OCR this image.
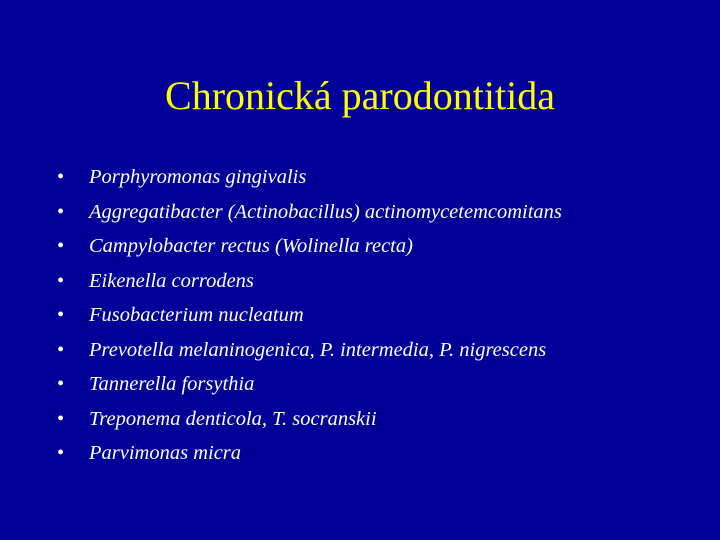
Chronická parodontitida
•	Porphyromonas gingivalis
•	Aggregatibacter (Actinobacillus) actinomycetemcomitans
•	Campylobacter rectus (Wolinella recta)
•	Eikenella corrodens
•	Fusobacterium nucleatum
•	Prevotella melaninogenica, P. intermedia, P. nigrescens
•	Tannerella forsythia
•	Treponema denticola, T. socranskii
•	Parvimonas micra
